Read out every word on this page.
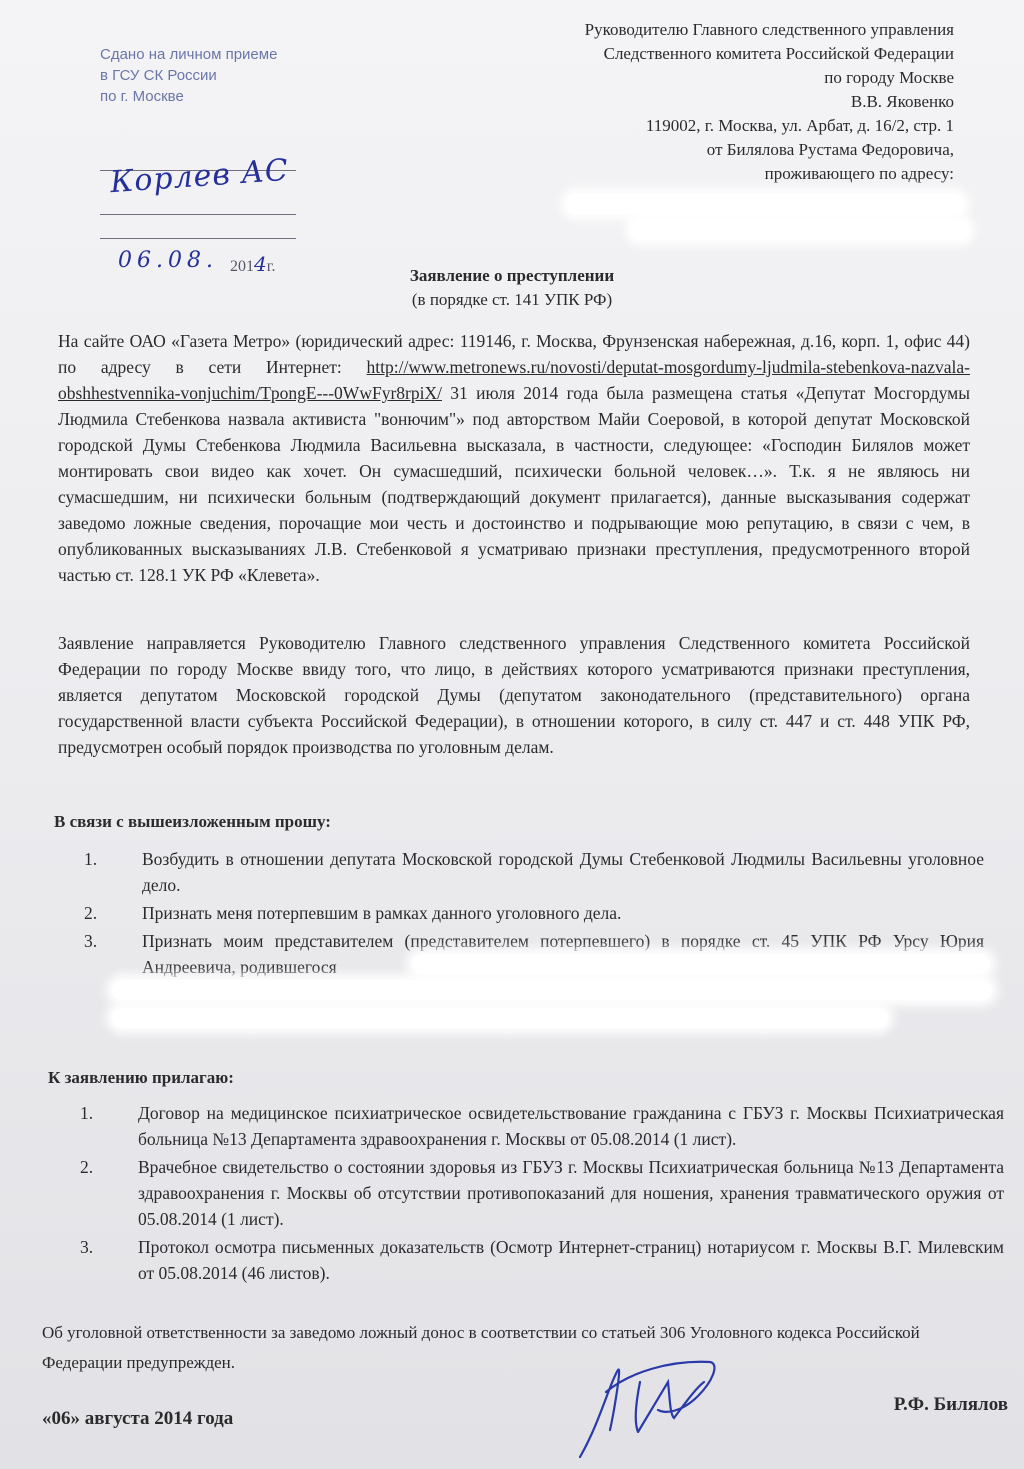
Сдано на личном приеме
в ГСУ СК России
по г. Москве
Корлев АС
06.08. 2014г.
Руководителю Главного следственного управления
Следственного комитета Российской Федерации
по городу Москве
В.В. Яковенко
119002, г. Москва, ул. Арбат, д. 16/2, стр. 1
от Билялова Рустама Федоровича,
проживающего по адресу:
Заявление о преступлении
(в порядке ст. 141 УПК РФ)
На сайте ОАО «Газета Метро» (юридический адрес: 119146, г. Москва, Фрунзенская набережная, д.16, корп. 1, офис 44) по адресу в сети Интернет: http://www.metronews.ru/novosti/deputat-mosgordumy-ljudmila-stebenkova-nazvala-obshhestvennika-vonjuchim/TpongE---0WwFyr8rpiX/ 31 июля 2014 года была размещена статья «Депутат Мосгордумы Людмила Стебенкова назвала активиста "вонючим"» под авторством Майи Соеровой, в которой депутат Московской городской Думы Стебенкова Людмила Васильевна высказала, в частности, следующее: «Господин Билялов может монтировать свои видео как хочет. Он сумасшедший, психически больной человек…». Т.к. я не являюсь ни сумасшедшим, ни психически больным (подтверждающий документ прилагается), данные высказывания содержат заведомо ложные сведения, порочащие мои честь и достоинство и подрывающие мою репутацию, в связи с чем, в опубликованных высказываниях Л.В. Стебенковой я усматриваю признаки преступления, предусмотренного второй частью ст. 128.1 УК РФ «Клевета».
Заявление направляется Руководителю Главного следственного управления Следственного комитета Российской Федерации по городу Москве ввиду того, что лицо, в действиях которого усматриваются признаки преступления, является депутатом Московской городской Думы (депутатом законодательного (представительного) органа государственной власти субъекта Российской Федерации), в отношении которого, в силу ст. 447 и ст. 448 УПК РФ, предусмотрен особый порядок производства по уголовным делам.
В связи с вышеизложенным прошу:
1.	Возбудить в отношении депутата Московской городской Думы Стебенковой Людмилы Васильевны уголовное дело.
2.	Признать меня потерпевшим в рамках данного уголовного дела.
3.	Признать моим представителем (представителем потерпевшего) в порядке ст. 45 УПК РФ Урсу Юрия Андреевича, родившегося
К заявлению прилагаю:
1.	Договор на медицинское психиатрическое освидетельствование гражданина с ГБУЗ г. Москвы Психиатрическая больница №13 Департамента здравоохранения г. Москвы от 05.08.2014 (1 лист).
2.	Врачебное свидетельство о состоянии здоровья из ГБУЗ г. Москвы Психиатрическая больница №13 Департамента здравоохранения г. Москвы об отсутствии противопоказаний для ношения, хранения травматического оружия от 05.08.2014 (1 лист).
3.	Протокол осмотра письменных доказательств (Осмотр Интернет-страниц) нотариусом г. Москвы В.Г. Милевским от 05.08.2014 (46 листов).
Об уголовной ответственности за заведомо ложный донос в соответствии со статьей 306 Уголовного кодекса Российской Федерации предупрежден.
«06» августа 2014 года
Р.Ф. Билялов
